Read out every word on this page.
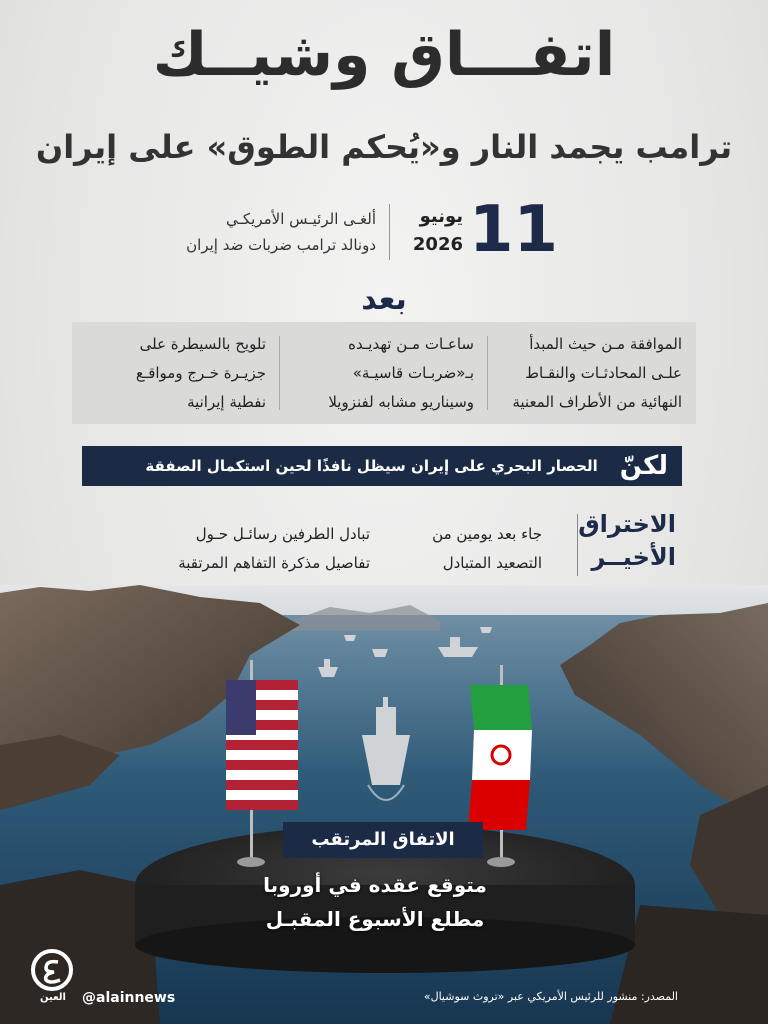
اتفـــاق وشيــك
ترامب يجمد النار و«يُحكم الطوق» على إيران
11
يونيو
2026
ألغـى الرئيـس الأمريكـي
دونالد ترامب ضربات ضد إيران
بعد
الموافقة مـن حيث المبدأ
علـى المحادثـات والنقـاط
النهائية من الأطراف المعنية
ساعـات مـن تهديـده
بـ«ضربـات قاسيـة»
وسيناريو مشابه لفنزويلا
تلويح بالسيطرة على
جزيـرة خـرج ومواقـع
نفطية إيرانية
لكنّ
الحصار البحري على إيران سيظل نافذًا لحين استكمال الصفقة
الاختراق
الأخيــر
جاء بعد يومين من
التصعيد المتبادل
تبادل الطرفين رسائـل حـول
تفاصيل مذكرة التفاهم المرتقبة
الاتفاق المرتقب
متوقع عقده في أوروبا
مطلع الأسبوع المقبـل
العين	@alainnews	المصدر: منشور للرئيس الأمريكي عبر «تروث سوشيال»
